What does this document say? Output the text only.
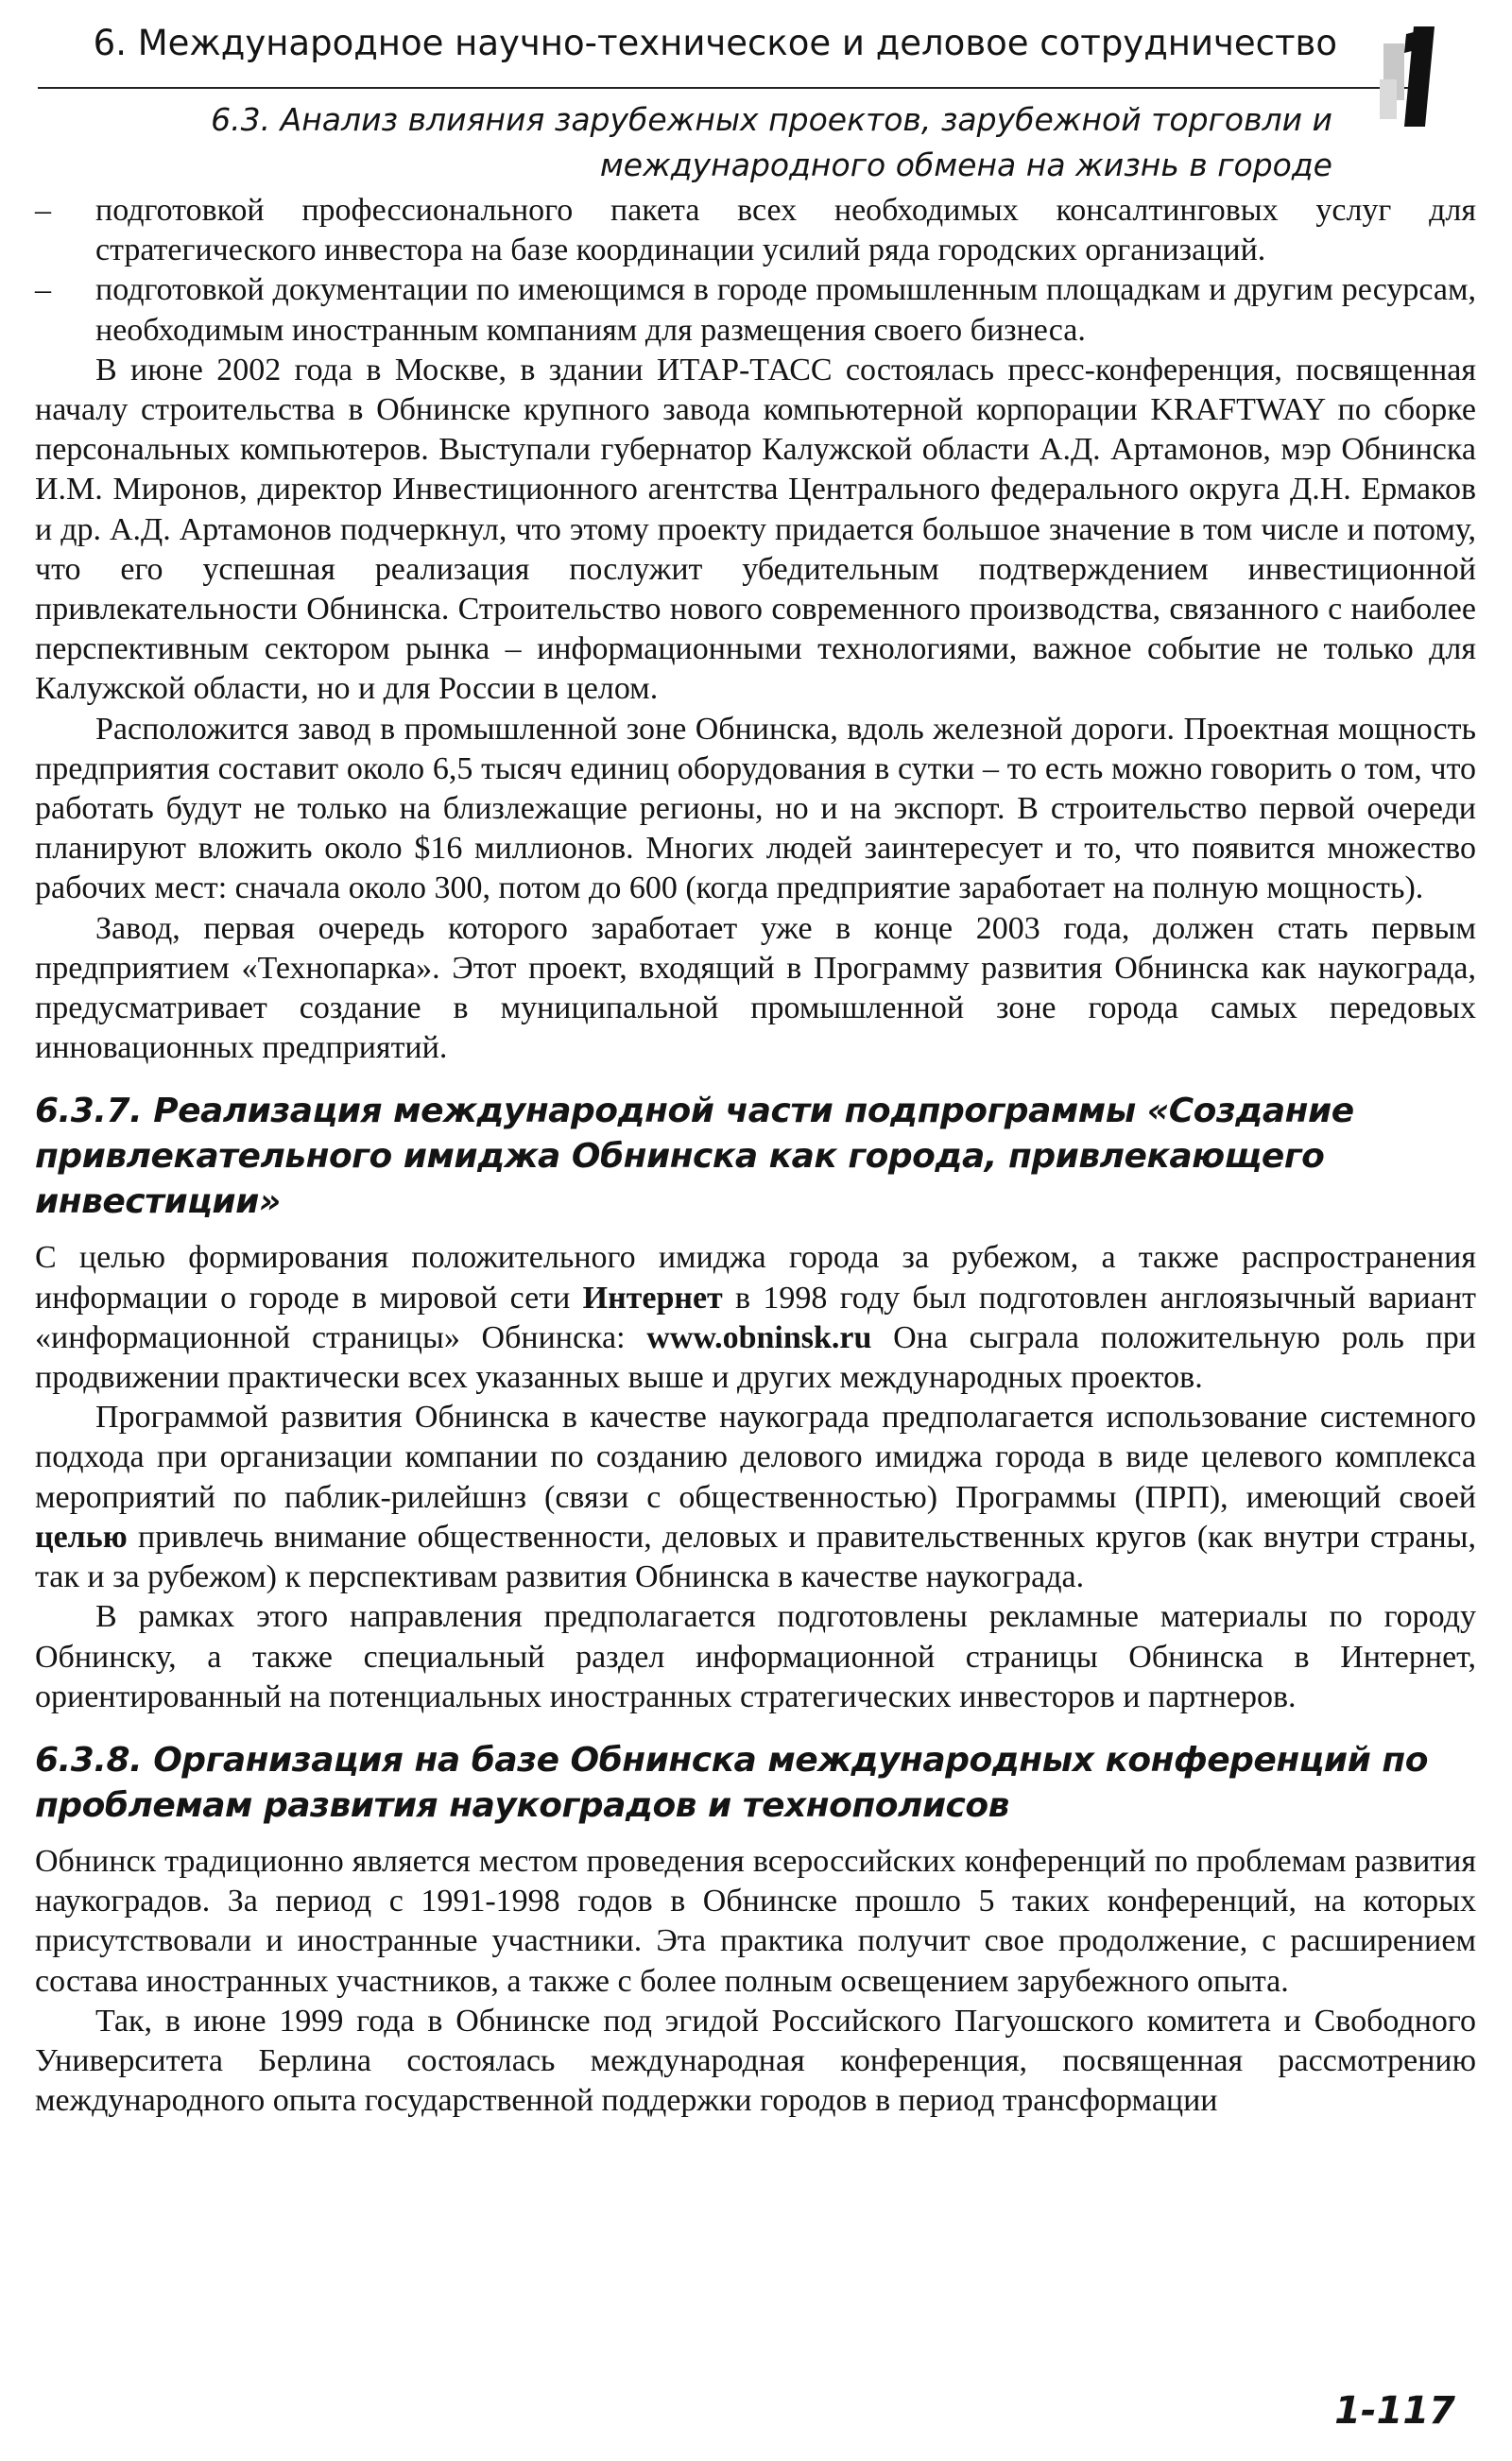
6. Международное научно-техническое и деловое сотрудничество
6.3. Анализ влияния зарубежных проектов, зарубежной торговли и
международного обмена на жизнь в городе

– подготовкой профессионального пакета всех необходимых консалтинговых услуг для стратегического инвестора на базе координации усилий ряда городских организаций.

– подготовкой документации по имеющимся в городе промышленным площадкам и другим ресурсам, необходимым иностранным компаниям для размещения своего бизнеса.

В июне 2002 года в Москве, в здании ИТАР-ТАСС состоялась пресс-конференция, посвященная началу строительства в Обнинске крупного завода компьютерной корпорации KRAFTWAY по сборке персональных компьютеров. Выступали губернатор Калужской области А.Д. Артамонов, мэр Обнинска И.М. Миронов, директор Инвестиционного агентства Центрального федерального округа Д.Н. Ермаков и др. А.Д. Артамонов подчеркнул, что этому проекту придается большое значение в том числе и потому, что его успешная реализация послужит убедительным подтверждением инвестиционной привлекательности Обнинска. Строительство нового современного производства, связанного с наиболее перспективным сектором рынка – информационными технологиями, важное событие не только для Калужской области, но и для России в целом.

Расположится завод в промышленной зоне Обнинска, вдоль железной дороги. Проектная мощность предприятия составит около 6,5 тысяч единиц оборудования в сутки – то есть можно говорить о том, что работать будут не только на близлежащие регионы, но и на экспорт. В строительство первой очереди планируют вложить около $16 миллионов. Многих людей заинтересует и то, что появится множество рабочих мест: сначала около 300, потом до 600 (когда предприятие заработает на полную мощность).

Завод, первая очередь которого заработает уже в конце 2003 года, должен стать первым предприятием «Технопарка». Этот проект, входящий в Программу развития Обнинска как наукограда, предусматривает создание в муниципальной промышленной зоне города самых передовых инновационных предприятий.

6.3.7. Реализация международной части подпрограммы «Создание привлекательного имиджа Обнинска как города, привлекающего инвестиции»

С целью формирования положительного имиджа города за рубежом, а также распространения информации о городе в мировой сети Интернет в 1998 году был подготовлен англоязычный вариант «информационной страницы» Обнинска: www.obninsk.ru Она сыграла положительную роль при продвижении практически всех указанных выше и других международных проектов.

Программой развития Обнинска в качестве наукограда предполагается использование системного подхода при организации компании по созданию делового имиджа города в виде целевого комплекса мероприятий по паблик-рилейшнз (связи с общественностью) Программы (ПРП), имеющий своей целью привлечь внимание общественности, деловых и правительственных кругов (как внутри страны, так и за рубежом) к перспективам развития Обнинска в качестве наукограда.

В рамках этого направления предполагается подготовлены рекламные материалы по городу Обнинску, а также специальный раздел информационной страницы Обнинска в Интернет, ориентированный на потенциальных иностранных стратегических инвесторов и партнеров.

6.3.8. Организация на базе Обнинска международных конференций по проблемам развития наукоградов и технополисов

Обнинск традиционно является местом проведения всероссийских конференций по проблемам развития наукоградов. За период с 1991-1998 годов в Обнинске прошло 5 таких конференций, на которых присутствовали и иностранные участники. Эта практика получит свое продолжение, с расширением состава иностранных участников, а также с более полным освещением зарубежного опыта.

Так, в июне 1999 года в Обнинске под эгидой Российского Пагуошского комитета и Свободного Университета Берлина состоялась международная конференция, посвященная рассмотрению международного опыта государственной поддержки городов в период трансформации

1-117
